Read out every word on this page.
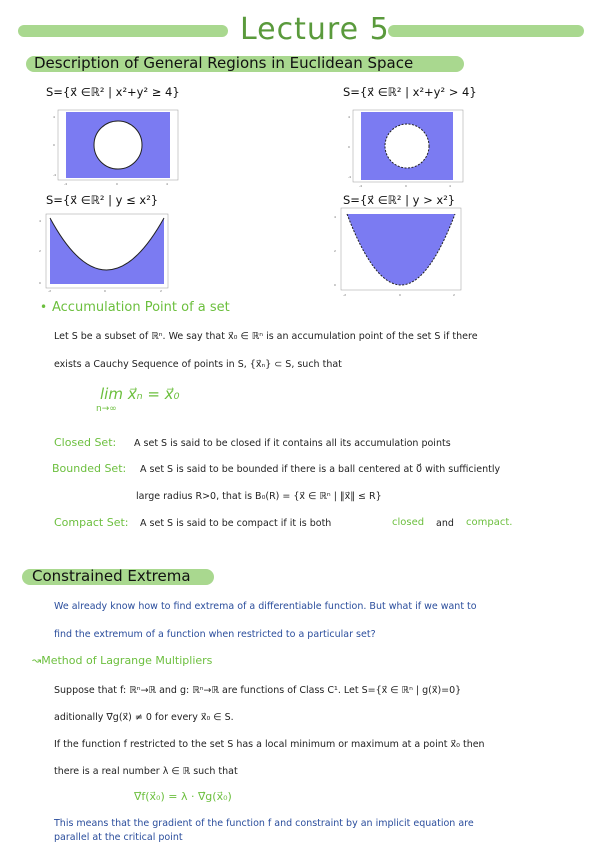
Lecture 5
Description of General Regions in Euclidean Space
S={x⃗ ∈ℝ² | x²+y² ≥ 4}	S={x⃗ ∈ℝ² | x²+y² > 4}
S={x⃗ ∈ℝ² | y ≤ x²}	S={x⃗ ∈ℝ² | y > x²}
4
0
-4
-4	0	4
4
0
-4
-4	0	4
4
2
0
-2	0	2
4
2
0
-2	0	2
• Accumulation Point of a set
Let S be a subset of ℝⁿ. We say that x⃗₀ ∈ ℝⁿ is an accumulation point of the set S if there
exists a Cauchy Sequence of points in S, {x⃗ₙ} ⊂ S, such that
lim x⃗ₙ = x⃗₀
n→∞
Closed Set: A set S is said to be closed if it contains all its accumulation points
Bounded Set: A set S is said to be bounded if there is a ball centered at 0⃗ with sufficiently
large radius R>0, that is B₀(R) = {x⃗ ∈ ℝⁿ | ‖x⃗‖ ≤ R}
Compact Set: A set S is said to be compact if it is both	closed and compact.
Constrained Extrema
We already know how to find extrema of a differentiable function. But what if we want to
find the extremum of a function when restricted to a particular set?
↝Method of Lagrange Multipliers
Suppose that f: ℝⁿ→ℝ and g: ℝⁿ→ℝ are functions of Class C¹. Let S={x⃗ ∈ ℝⁿ | g(x⃗)=0}
aditionally ∇⃗g(x⃗) ≠ 0 for every x⃗₀ ∈ S.
If the function f restricted to the set S has a local minimum or maximum at a point x⃗₀ then
there is a real number λ ∈ ℝ such that
∇⃗f(x⃗₀) = λ · ∇⃗g(x⃗₀)
This means that the gradient of the function f and constraint by an implicit equation are
parallel at the critical point
